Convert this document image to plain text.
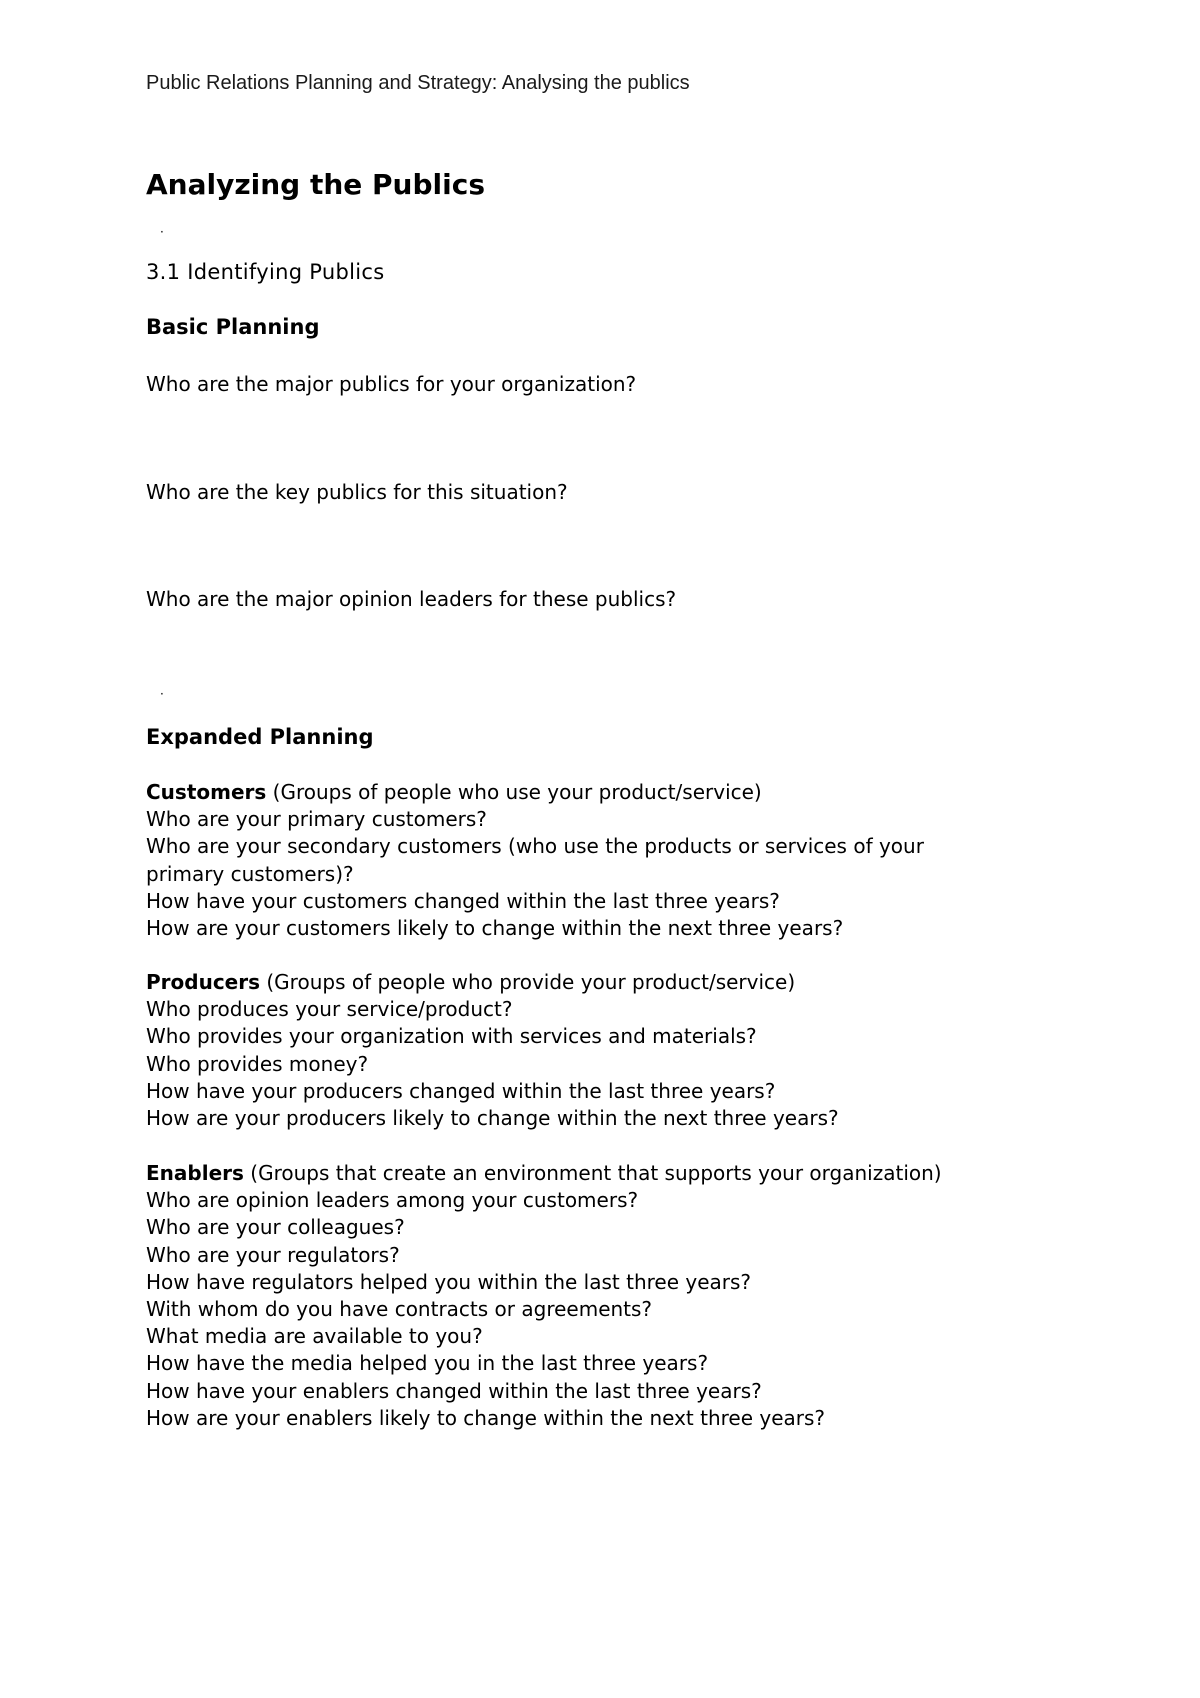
Public Relations Planning and Strategy: Analysing the publics
Analyzing the Publics
·
3.1 Identifying Publics
Basic Planning
Who are the major publics for your organization?
Who are the key publics for this situation?
Who are the major opinion leaders for these publics?
·
Expanded Planning
Customers (Groups of people who use your product/service)
Who are your primary customers?
Who are your secondary customers (who use the products or services of your
primary customers)?
How have your customers changed within the last three years?
How are your customers likely to change within the next three years?
Producers (Groups of people who provide your product/service)
Who produces your service/product?
Who provides your organization with services and materials?
Who provides money?
How have your producers changed within the last three years?
How are your producers likely to change within the next three years?
Enablers (Groups that create an environment that supports your organization)
Who are opinion leaders among your customers?
Who are your colleagues?
Who are your regulators?
How have regulators helped you within the last three years?
With whom do you have contracts or agreements?
What media are available to you?
How have the media helped you in the last three years?
How have your enablers changed within the last three years?
How are your enablers likely to change within the next three years?
